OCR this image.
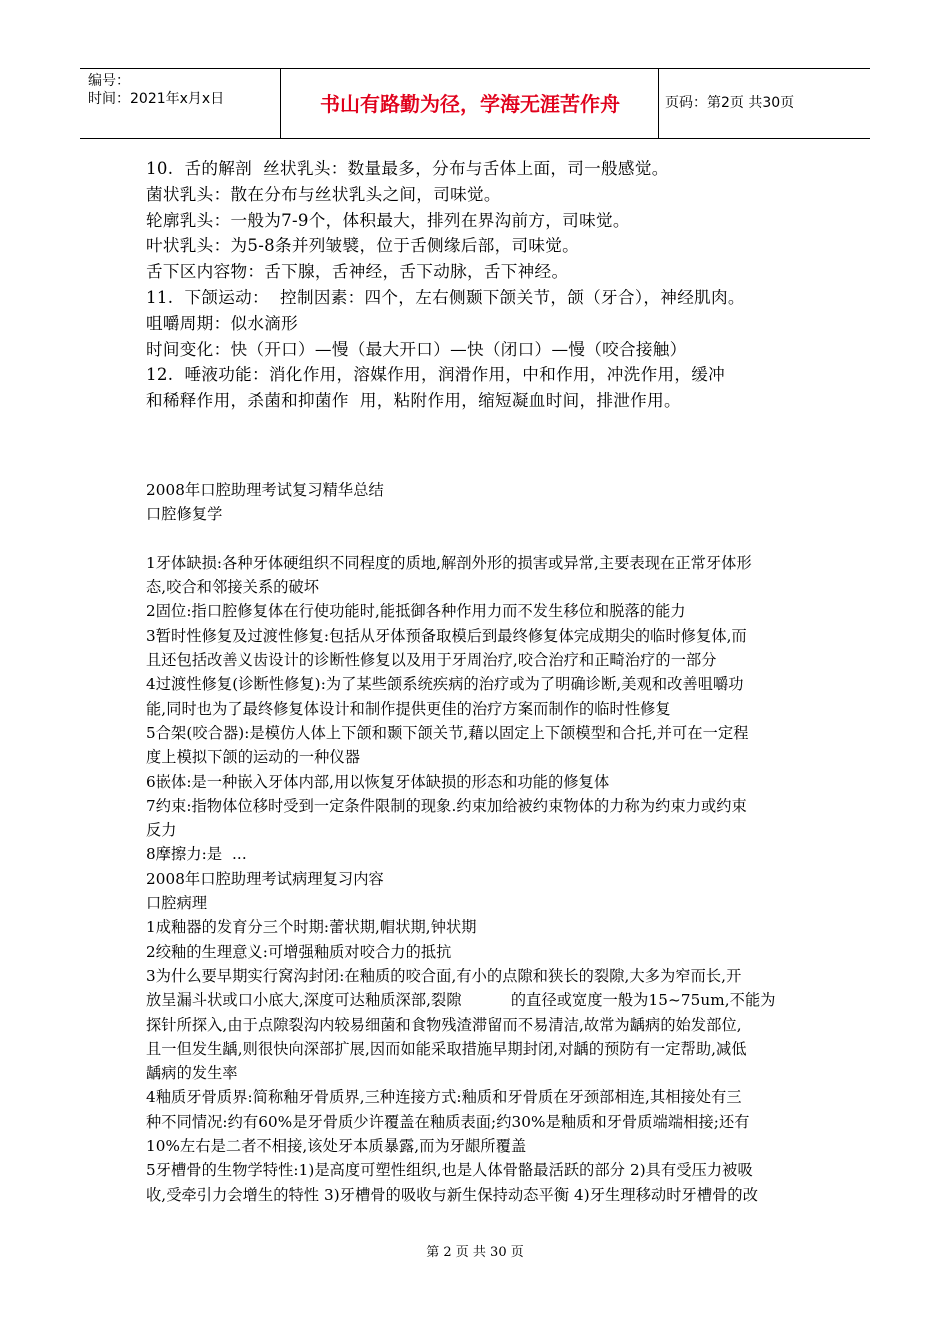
编号：
时间：2021年x月x日	书山有路勤为径，学海无涯苦作舟	页码：第2页 共30页

10.  舌的解剖  丝状乳头：数量最多，分布与舌体上面，司一般感觉。

菌状乳头：散在分布与丝状乳头之间，司味觉。

轮廓乳头：一般为7-9个，体积最大，排列在界沟前方，司味觉。

叶状乳头：为5-8条并列皱襞，位于舌侧缘后部，司味觉。

舌下区内容物：舌下腺，舌神经，舌下动脉，舌下神经。

11.  下颌运动：  控制因素：四个，左右侧颞下颌关节，颌（牙合），神经肌肉。

咀嚼周期：似水滴形

时间变化：快（开口）—慢（最大开口）—快（闭口）—慢（咬合接触）

12.  唾液功能：消化作用，溶媒作用，润滑作用，中和作用，冲洗作用，缓冲

和稀释作用，杀菌和抑菌作  用，粘附作用，缩短凝血时间，排泄作用。

2008年口腔助理考试复习精华总结

口腔修复学

1牙体缺损:各种牙体硬组织不同程度的质地,解剖外形的损害或异常,主要表现在正常牙体形

态,咬合和邻接关系的破坏

2固位:指口腔修复体在行使功能时,能抵御各种作用力而不发生移位和脱落的能力

3暂时性修复及过渡性修复:包括从牙体预备取模后到最终修复体完成期尖的临时修复体,而

且还包括改善义齿设计的诊断性修复以及用于牙周治疗,咬合治疗和正畸治疗的一部分

4过渡性修复(诊断性修复):为了某些颌系统疾病的治疗或为了明确诊断,美观和改善咀嚼功

能,同时也为了最终修复体设计和制作提供更佳的治疗方案而制作的临时性修复

5合架(咬合器):是模仿人体上下颌和颞下颌关节,藉以固定上下颌模型和合托,并可在一定程

度上模拟下颌的运动的一种仪器

6嵌体:是一种嵌入牙体内部,用以恢复牙体缺损的形态和功能的修复体

7约束:指物体位移时受到一定条件限制的现象.约束加给被约束物体的力称为约束力或约束

反力

8摩擦力:是  ...

2008年口腔助理考试病理复习内容

口腔病理

1成釉器的发育分三个时期:蕾状期,帽状期,钟状期

2绞釉的生理意义:可增强釉质对咬合力的抵抗

3为什么要早期实行窝沟封闭:在釉质的咬合面,有小的点隙和狭长的裂隙,大多为窄而长,开

放呈漏斗状或口小底大,深度可达釉质深部,裂隙          的直径或宽度一般为15~75um,不能为

探针所探入,由于点隙裂沟内较易细菌和食物残渣滞留而不易清洁,故常为龋病的始发部位,

且一但发生龋,则很快向深部扩展,因而如能采取措施早期封闭,对龋的预防有一定帮助,减低

龋病的发生率

4釉质牙骨质界:简称釉牙骨质界,三种连接方式:釉质和牙骨质在牙颈部相连,其相接处有三

种不同情况:约有60%是牙骨质少许覆盖在釉质表面;约30%是釉质和牙骨质端端相接;还有

10%左右是二者不相接,该处牙本质暴露,而为牙龈所覆盖

5牙槽骨的生物学特性:1)是高度可塑性组织,也是人体骨骼最活跃的部分 2)具有受压力被吸

收,受牵引力会增生的特性 3)牙槽骨的吸收与新生保持动态平衡 4)牙生理移动时牙槽骨的改

第 2 页 共 30 页
